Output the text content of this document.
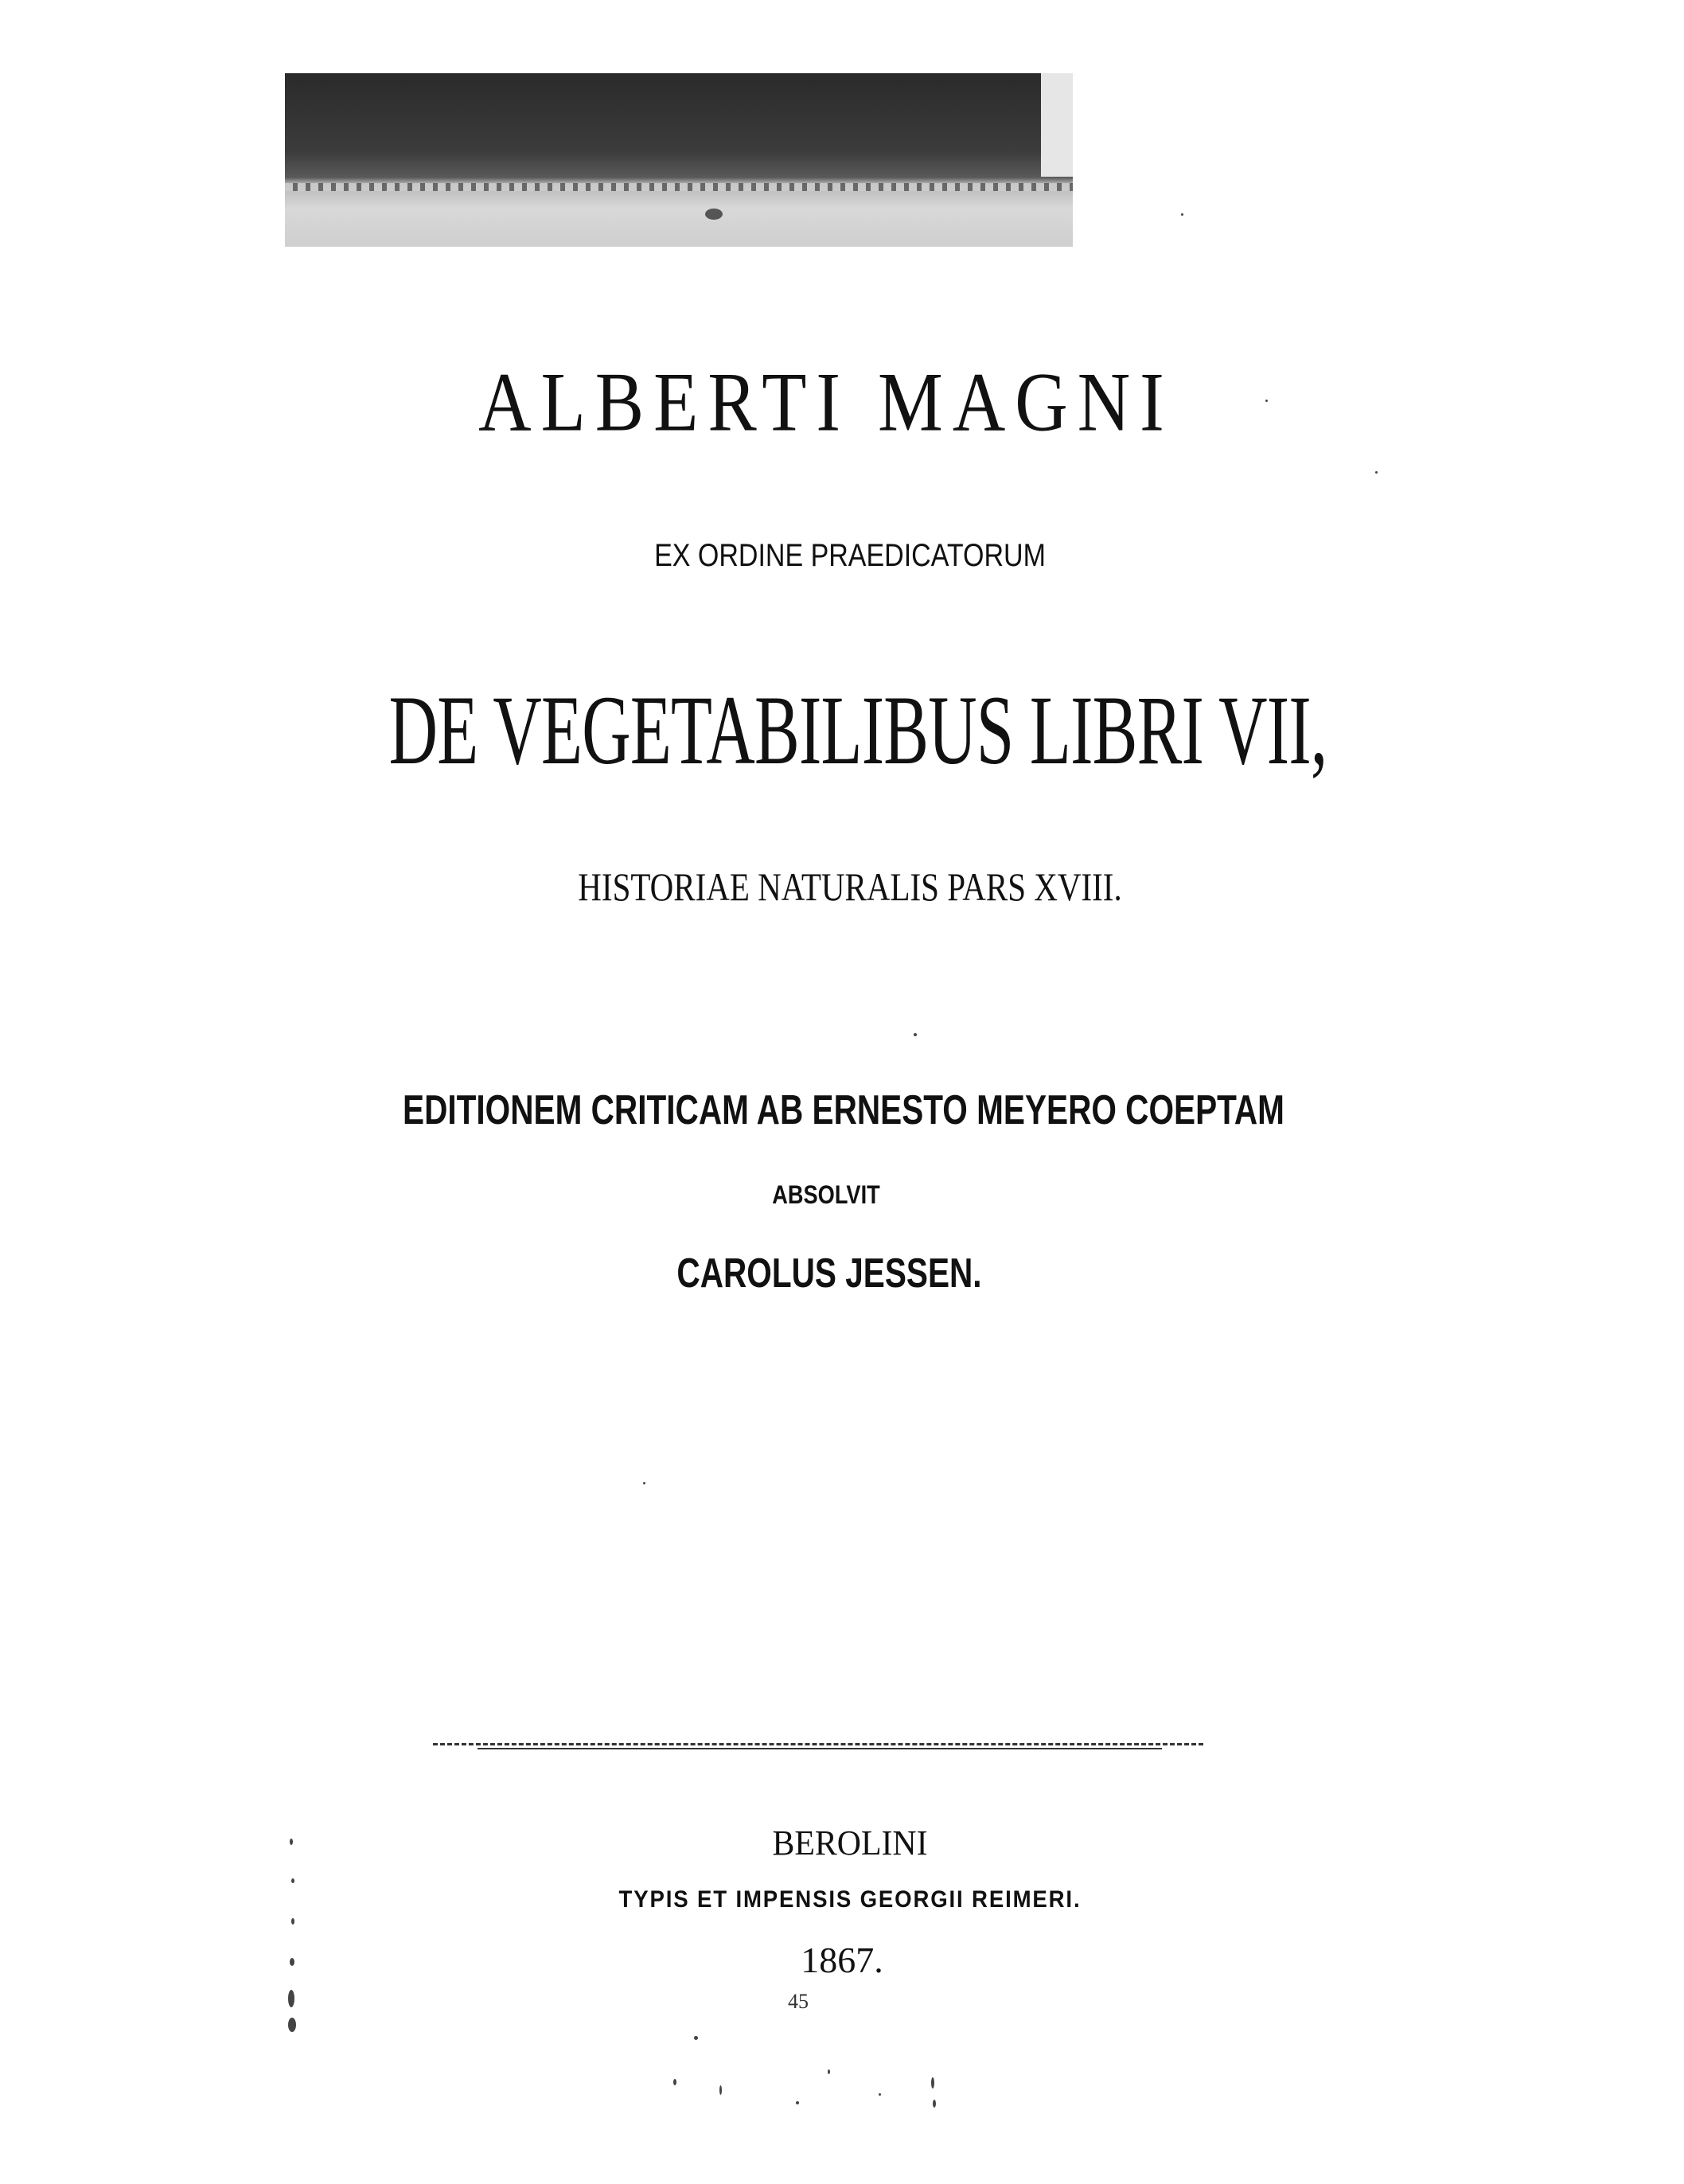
ALBERTI MAGNI
EX ORDINE PRAEDICATORUM
DE VEGETABILIBUS LIBRI VII,
HISTORIAE NATURALIS PARS XVIII.
EDITIONEM CRITICAM AB ERNESTO MEYERO COEPTAM
ABSOLVIT
CAROLUS JESSEN.
BEROLINI
TYPIS ET IMPENSIS GEORGII REIMERI.
1867.
45
